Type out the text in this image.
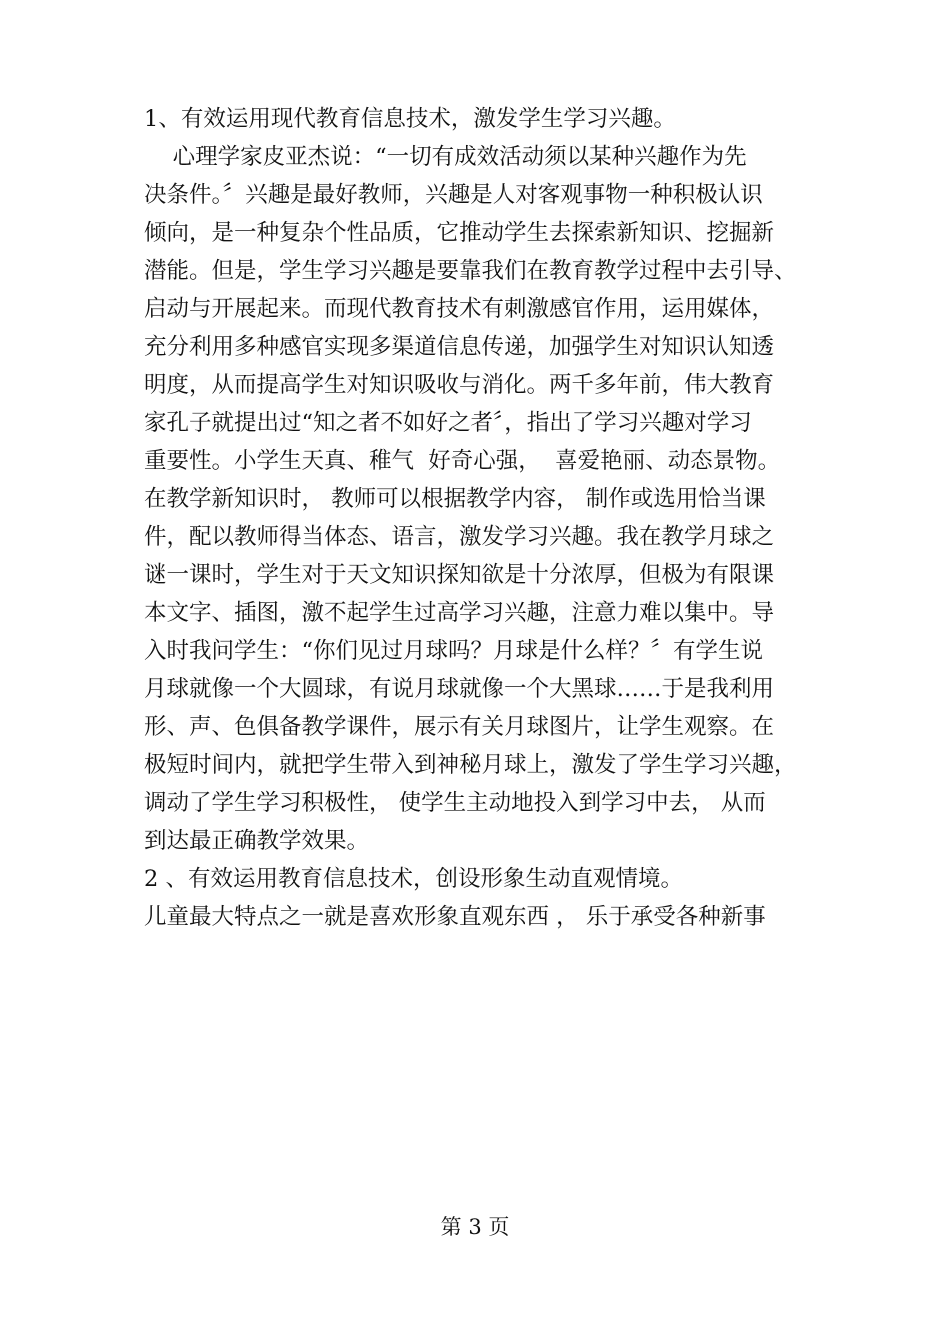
1、有效运用现代教育信息技术，激发学生学习兴趣。
心理学家皮亚杰说：“一切有成效活动须以某种兴趣作为先
决条件。〞兴趣是最好教师，兴趣是人对客观事物一种积极认识
倾向，是一种复杂个性品质，它推动学生去探索新知识、挖掘新
潜能。但是，学生学习兴趣是要靠我们在教育教学过程中去引导、
启动与开展起来。而现代教育技术有刺激感官作用，运用媒体，
充分利用多种感官实现多渠道信息传递，加强学生对知识认知透
明度，从而提高学生对知识吸收与消化。两千多年前，伟大教育
家孔子就提出过“知之者不如好之者〞，指出了学习兴趣对学习
重要性。小学生天真、稚气  好奇心强，  喜爱艳丽、动态景物。
在教学新知识时， 教师可以根据教学内容， 制作或选用恰当课
件，配以教师得当体态、语言，激发学习兴趣。我在教学月球之
谜一课时，学生对于天文知识探知欲是十分浓厚，但极为有限课
本文字、插图，激不起学生过高学习兴趣，注意力难以集中。导
入时我问学生：“你们见过月球吗？月球是什么样？〞有学生说
月球就像一个大圆球，有说月球就像一个大黑球……于是我利用
形、声、色俱备教学课件，展示有关月球图片，让学生观察。在
极短时间内，就把学生带入到神秘月球上，激发了学生学习兴趣，
调动了学生学习积极性， 使学生主动地投入到学习中去， 从而
到达最正确教学效果。
2 、有效运用教育信息技术，创设形象生动直观情境。
儿童最大特点之一就是喜欢形象直观东西 ， 乐于承受各种新事
第 3 页
